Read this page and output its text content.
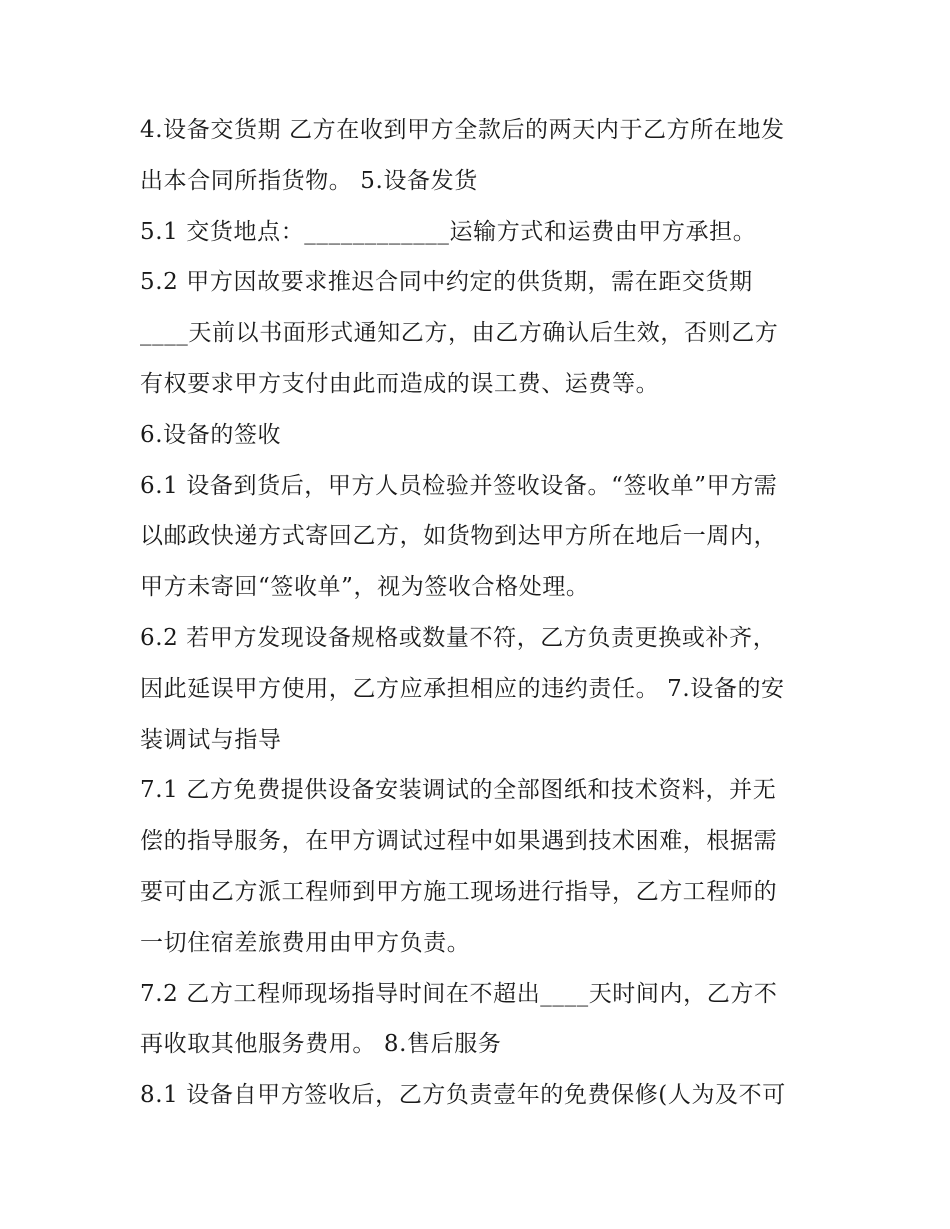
4.设备交货期 乙方在收到甲方全款后的两天内于乙方所在地发
出本合同所指货物。 5.设备发货
5.1 交货地点：____________运输方式和运费由甲方承担。
5.2 甲方因故要求推迟合同中约定的供货期，需在距交货期
____天前以书面形式通知乙方，由乙方确认后生效，否则乙方
有权要求甲方支付由此而造成的误工费、运费等。
6.设备的签收
6.1 设备到货后，甲方人员检验并签收设备。“签收单”甲方需
以邮政快递方式寄回乙方，如货物到达甲方所在地后一周内，
甲方未寄回“签收单”，视为签收合格处理。
6.2 若甲方发现设备规格或数量不符，乙方负责更换或补齐，
因此延误甲方使用，乙方应承担相应的违约责任。 7.设备的安
装调试与指导
7.1 乙方免费提供设备安装调试的全部图纸和技术资料，并无
偿的指导服务，在甲方调试过程中如果遇到技术困难，根据需
要可由乙方派工程师到甲方施工现场进行指导，乙方工程师的
一切住宿差旅费用由甲方负责。
7.2 乙方工程师现场指导时间在不超出____天时间内，乙方不
再收取其他服务费用。 8.售后服务
8.1 设备自甲方签收后，乙方负责壹年的免费保修(人为及不可
